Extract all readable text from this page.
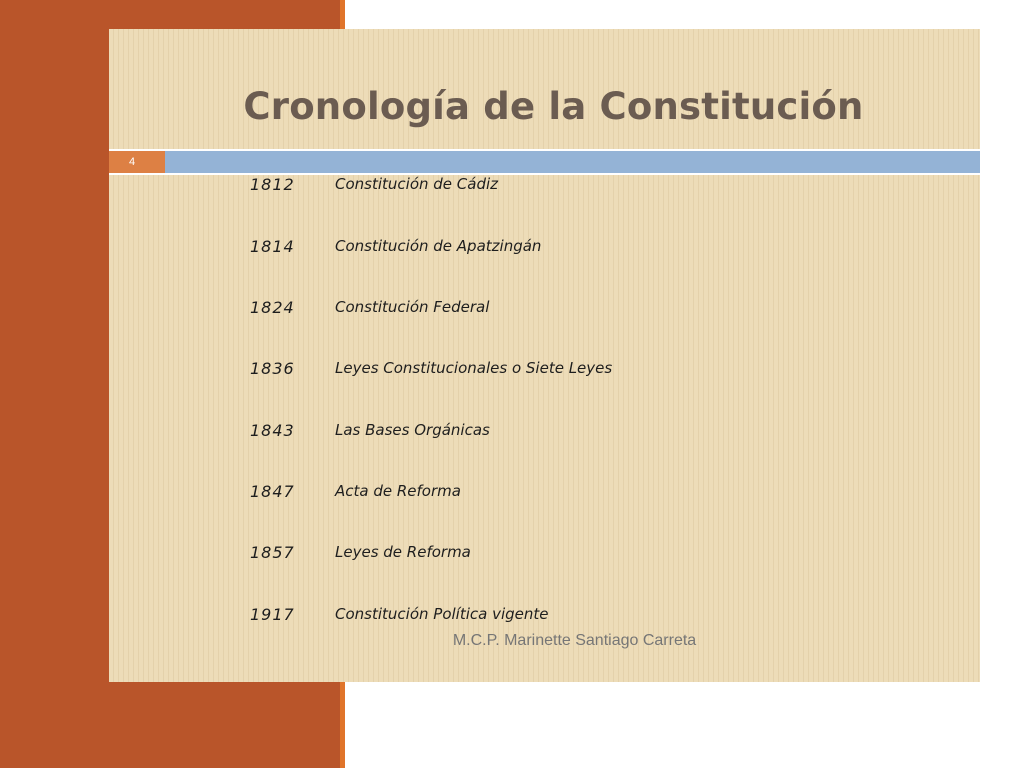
Cronología de la Constitución
4
1812	Constitución de Cádiz
1814	Constitución de Apatzingán
1824	Constitución Federal
1836	Leyes Constitucionales o Siete Leyes
1843	Las Bases Orgánicas
1847	Acta de Reforma
1857	Leyes de Reforma
1917	Constitución Política vigente
M.C.P. Marinette Santiago Carreta
